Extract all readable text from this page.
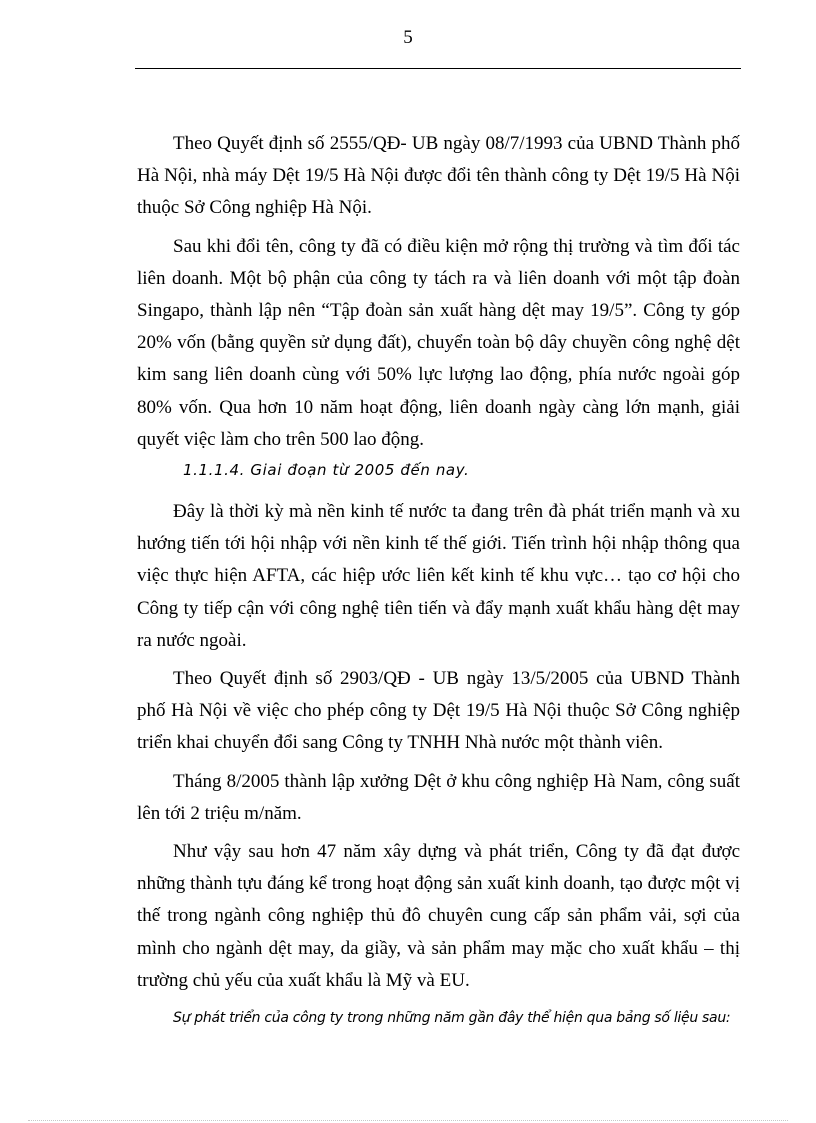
5

Theo Quyết định số 2555/QĐ- UB ngày 08/7/1993 của UBND Thành phố Hà Nội, nhà máy Dệt 19/5 Hà Nội được đổi tên thành công ty Dệt 19/5 Hà Nội thuộc Sở Công nghiệp Hà Nội.

Sau khi đổi tên, công ty đã có điều kiện mở rộng thị trường và tìm đối tác liên doanh. Một bộ phận của công ty tách ra và liên doanh với một tập đoàn Singapo, thành lập nên “Tập đoàn sản xuất hàng dệt may 19/5”. Công ty góp 20% vốn (bằng quyền sử dụng đất), chuyển toàn bộ dây chuyền công nghệ dệt kim sang liên doanh cùng với 50% lực lượng lao động, phía nước ngoài góp 80% vốn. Qua hơn 10 năm hoạt động, liên doanh ngày càng lớn mạnh, giải quyết việc làm cho trên 500 lao động.

1.1.1.4. Giai đoạn từ 2005 đến nay.

Đây là thời kỳ mà nền kinh tế nước ta đang trên đà phát triển mạnh và xu hướng tiến tới hội nhập với nền kinh tế thế giới. Tiến trình hội nhập thông qua việc thực hiện AFTA, các hiệp ước liên kết kinh tế khu vực… tạo cơ hội cho Công ty tiếp cận với công nghệ tiên tiến và đẩy mạnh xuất khẩu hàng dệt may ra nước ngoài.

Theo Quyết định số 2903/QĐ - UB ngày 13/5/2005 của UBND Thành phố Hà Nội về việc cho phép công ty Dệt 19/5 Hà Nội thuộc Sở Công nghiệp triển khai chuyển đổi sang Công ty TNHH Nhà nước một thành viên.

Tháng 8/2005 thành lập xưởng Dệt ở khu công nghiệp Hà Nam, công suất lên tới 2 triệu m/năm.

Như vậy sau hơn 47 năm xây dựng và phát triển, Công ty đã đạt được những thành tựu đáng kể trong hoạt động sản xuất kinh doanh, tạo được một vị thế trong ngành công nghiệp thủ đô chuyên cung cấp sản phẩm vải, sợi của mình cho ngành dệt may, da giầy, và sản phẩm may mặc cho xuất khẩu – thị trường chủ yếu của xuất khẩu là Mỹ và EU.

Sự phát triển của công ty trong những năm gần đây thể hiện qua bảng số liệu sau:
